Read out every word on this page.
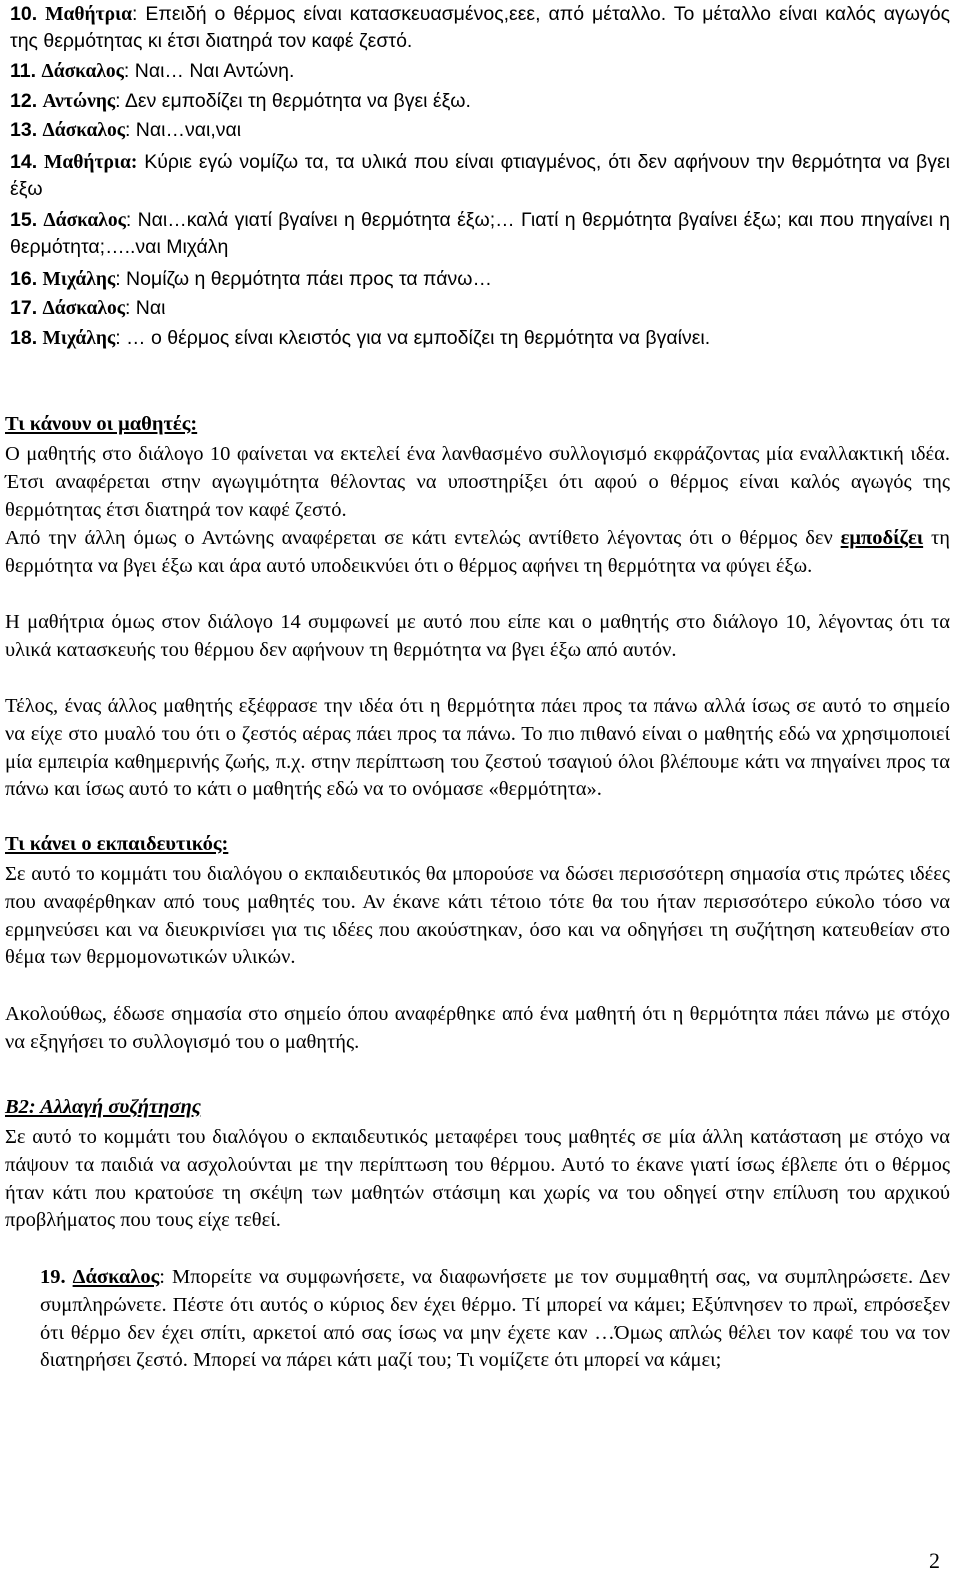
10. Μαθήτρια: Επειδή ο θέρμος είναι κατασκευασμένος,εεε, από μέταλλο. Το μέταλλο είναι καλός αγωγός της θερμότητας κι έτσι διατηρά τον καφέ ζεστό.

11. Δάσκαλος: Ναι… Ναι Αντώνη.

12. Αντώνης: Δεν εμποδίζει τη θερμότητα να βγει έξω.

13. Δάσκαλος: Ναι…ναι,ναι

14. Μαθήτρια: Κύριε εγώ νομίζω τα, τα υλικά που είναι φτιαγμένος, ότι δεν αφήνουν την θερμότητα να βγει έξω

15. Δάσκαλος: Ναι…καλά γιατί βγαίνει η θερμότητα έξω;… Γιατί η θερμότητα βγαίνει έξω; και που πηγαίνει η θερμότητα;…..ναι Μιχάλη

16. Μιχάλης: Νομίζω η θερμότητα πάει προς τα πάνω…

17. Δάσκαλος: Ναι

18. Μιχάλης: … ο θέρμος είναι κλειστός για να εμποδίζει τη θερμότητα να βγαίνει.

Τι κάνουν οι μαθητές:

Ο μαθητής στο διάλογο 10 φαίνεται να εκτελεί ένα λανθασμένο συλλογισμό εκφράζοντας μία εναλλακτική ιδέα. Έτσι αναφέρεται στην αγωγιμότητα θέλοντας να υποστηρίξει ότι αφού ο θέρμος είναι καλός αγωγός της θερμότητας έτσι διατηρά τον καφέ ζεστό.

Από την άλλη όμως ο Αντώνης αναφέρεται σε κάτι εντελώς αντίθετο λέγοντας ότι ο θέρμος δεν εμποδίζει τη θερμότητα να βγει έξω και άρα αυτό υποδεικνύει ότι ο θέρμος αφήνει τη θερμότητα να φύγει έξω.

Η μαθήτρια όμως στον διάλογο 14 συμφωνεί με αυτό που είπε και ο μαθητής στο διάλογο 10, λέγοντας ότι τα υλικά κατασκευής του θέρμου δεν αφήνουν τη θερμότητα να βγει έξω από αυτόν.

Τέλος, ένας άλλος μαθητής εξέφρασε την ιδέα ότι η θερμότητα πάει προς τα πάνω αλλά ίσως σε αυτό το σημείο να είχε στο μυαλό του ότι ο ζεστός αέρας πάει προς τα πάνω. Το πιο πιθανό είναι ο μαθητής εδώ να χρησιμοποιεί μία εμπειρία καθημερινής ζωής, π.χ. στην περίπτωση του ζεστού τσαγιού όλοι βλέπουμε κάτι να πηγαίνει προς τα πάνω και ίσως αυτό το κάτι ο μαθητής εδώ να το ονόμασε «θερμότητα».

Τι κάνει ο εκπαιδευτικός:

Σε αυτό το κομμάτι του διαλόγου ο εκπαιδευτικός θα μπορούσε να δώσει περισσότερη σημασία στις πρώτες ιδέες που αναφέρθηκαν από τους μαθητές του. Αν έκανε κάτι τέτοιο τότε θα του ήταν περισσότερο εύκολο τόσο να ερμηνεύσει και να διευκρινίσει για τις ιδέες που ακούστηκαν, όσο και να οδηγήσει τη συζήτηση κατευθείαν στο θέμα των θερμομονωτικών υλικών.

Ακολούθως, έδωσε σημασία στο σημείο όπου αναφέρθηκε από ένα μαθητή ότι η θερμότητα πάει πάνω με στόχο να εξηγήσει το συλλογισμό του ο μαθητής.

Β2: Αλλαγή συζήτησης

Σε αυτό το κομμάτι του διαλόγου ο εκπαιδευτικός μεταφέρει τους μαθητές σε μία άλλη κατάσταση με στόχο να πάψουν τα παιδιά να ασχολούνται με την περίπτωση του θέρμου. Αυτό το έκανε γιατί ίσως έβλεπε ότι ο θέρμος ήταν κάτι που κρατούσε τη σκέψη των μαθητών στάσιμη και χωρίς να του οδηγεί στην επίλυση του αρχικού προβλήματος που τους είχε τεθεί.

19. Δάσκαλος: Μπορείτε να συμφωνήσετε, να διαφωνήσετε με τον συμμαθητή σας, να συμπληρώσετε. Δεν συμπληρώνετε. Πέστε ότι αυτός ο κύριος δεν έχει θέρμο. Τί μπορεί να κάμει; Εξύπνησεν το πρωϊ, επρόσεξεν ότι θέρμο δεν έχει σπίτι, αρκετοί από σας ίσως να μην έχετε καν …Όμως απλώς θέλει τον καφέ του να τον διατηρήσει ζεστό. Μπορεί να πάρει κάτι μαζί του; Τι νομίζετε ότι μπορεί να κάμει;

2
